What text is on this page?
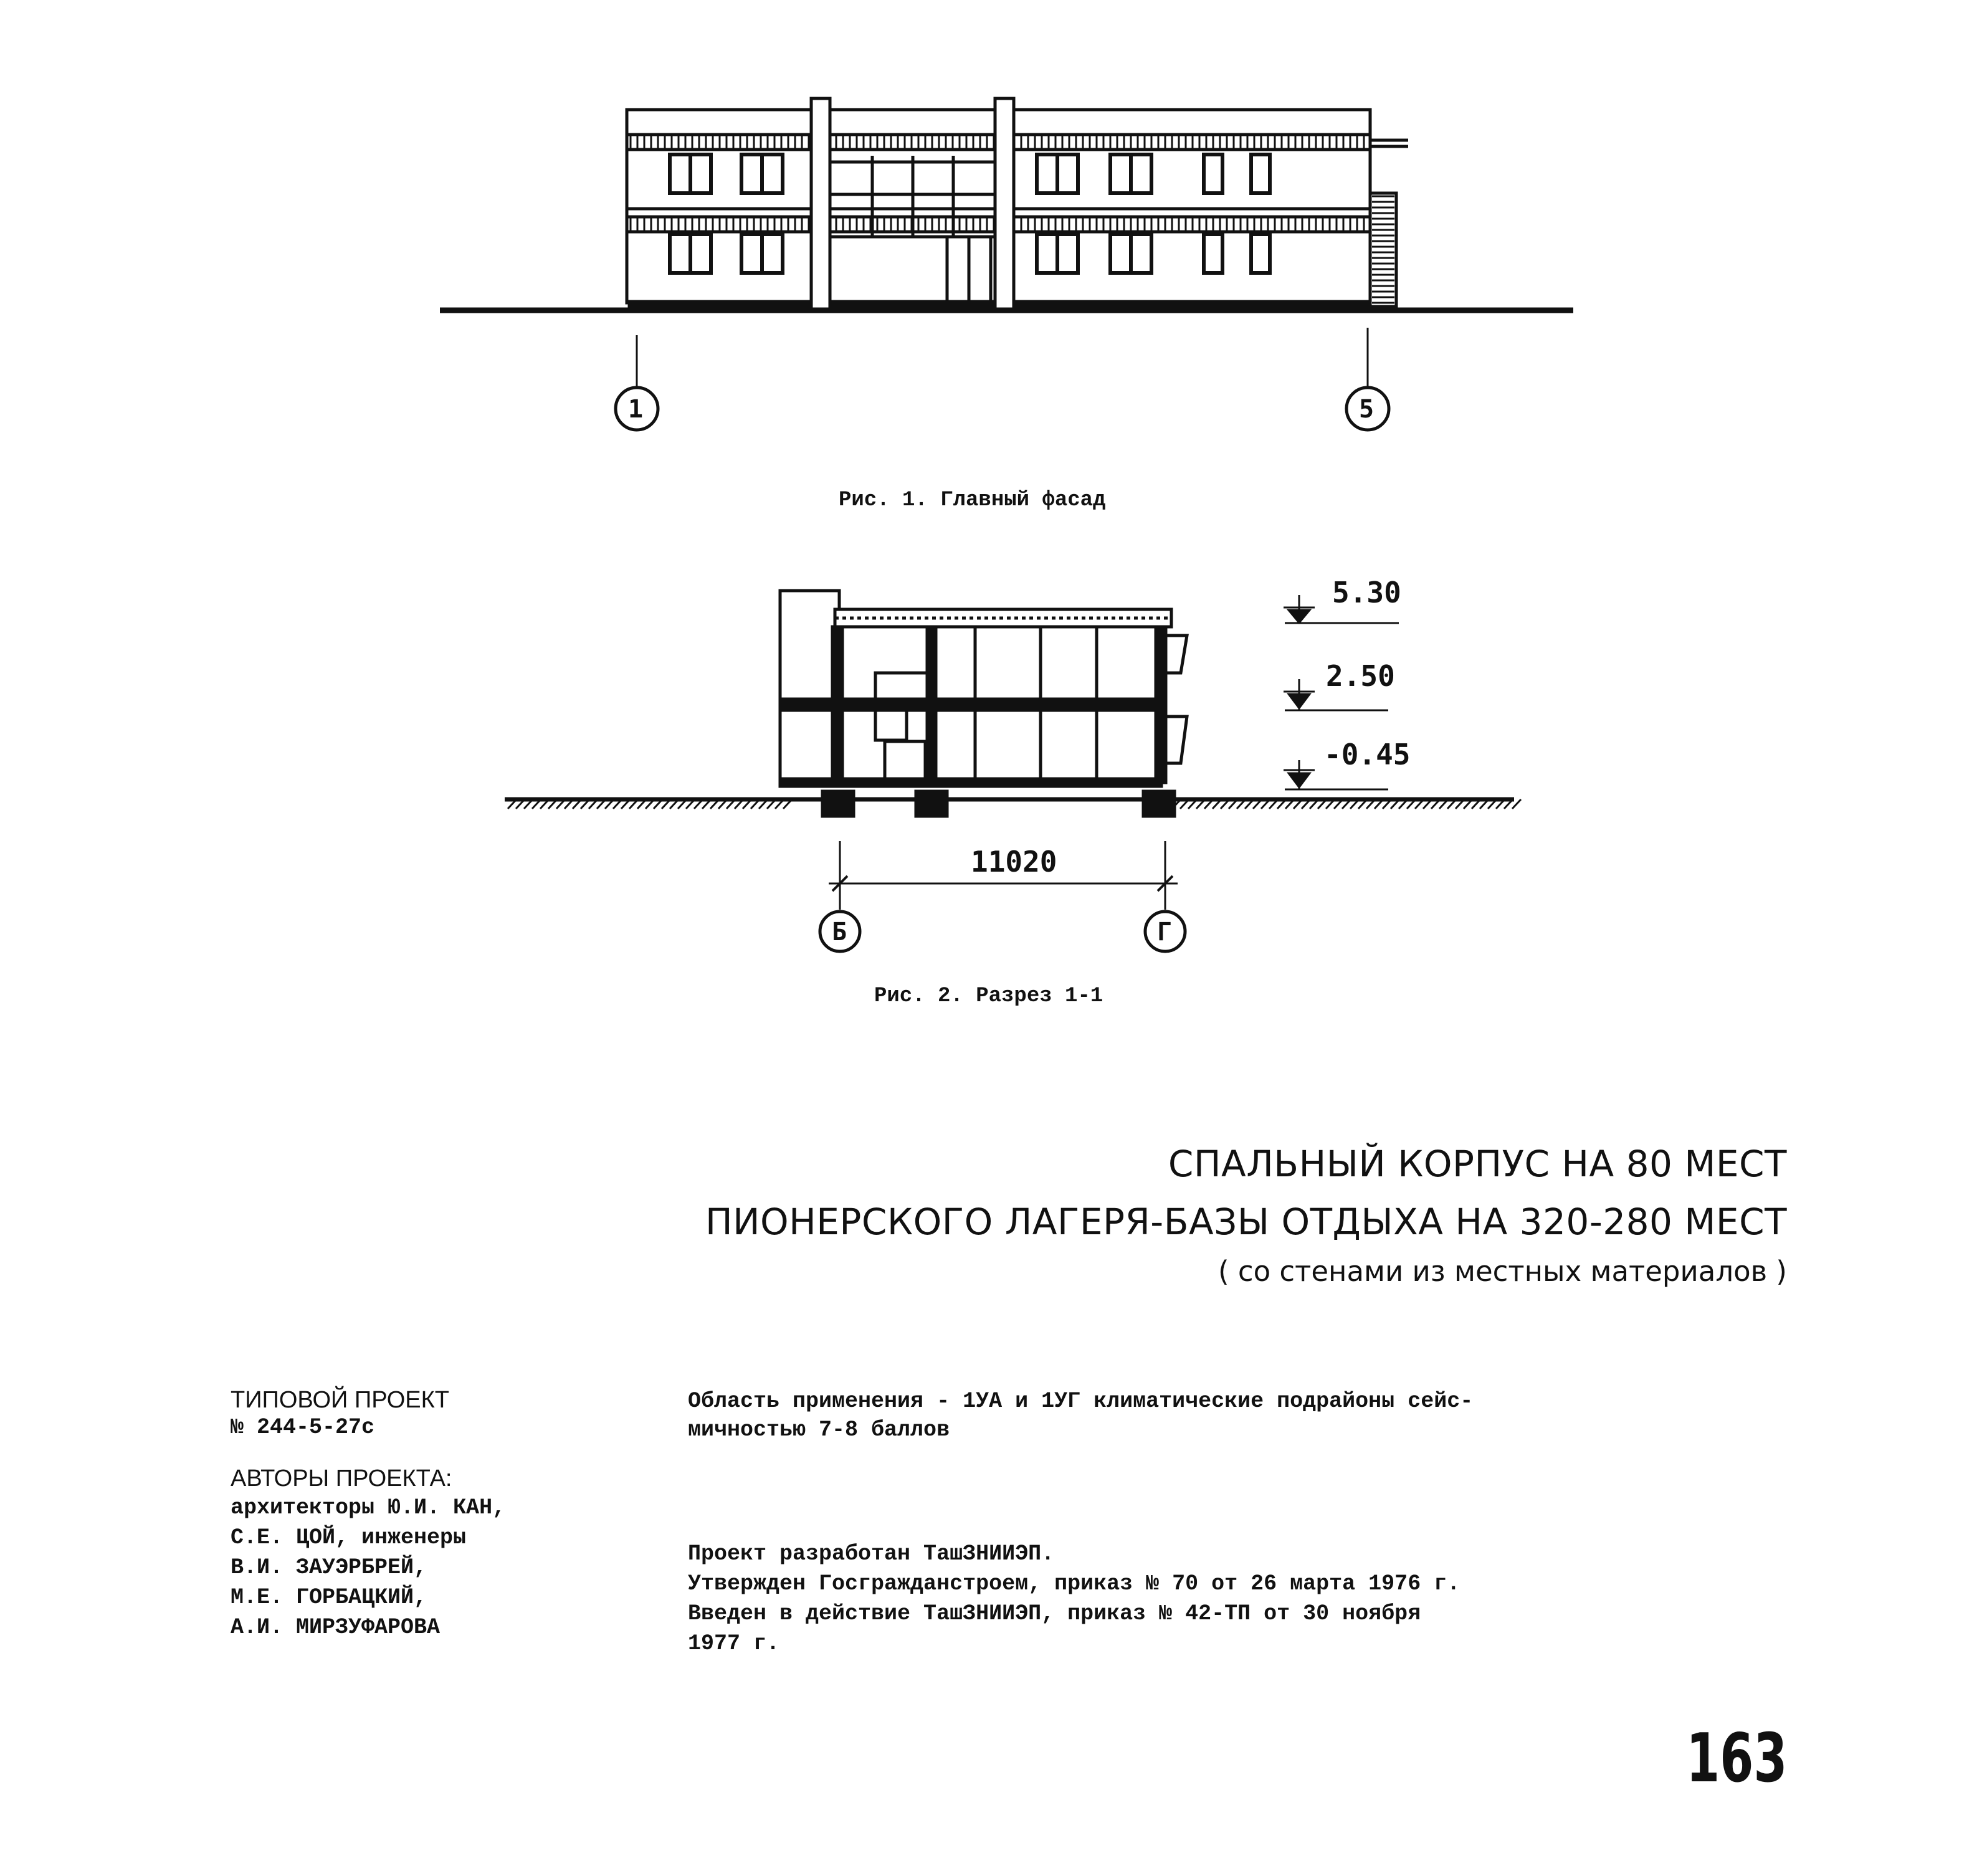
1	5
Рис. 1. Главный фасад
5.30
2.50
-0.45
11020
Б	Г
Рис. 2. Разрез 1-1
СПАЛЬНЫЙ КОРПУС НА 80 МЕСТ
ПИОНЕРСКОГО ЛАГЕРЯ-БАЗЫ ОТДЫХА НА 320-280 МЕСТ
( со стенами из местных материалов )
ТИПОВОЙ ПРОЕКТ
№ 244-5-27с
АВТОРЫ ПРОЕКТА:
архитекторы Ю.И. КАН,
С.Е. ЦОЙ, инженеры
В.И. ЗАУЭРБРЕЙ,
М.Е. ГОРБАЦКИЙ,
А.И. МИРЗУФАРОВА
Область применения - 1УА и 1УГ климатические подрайоны сейс-
мичностью 7-8 баллов
Проект разработан ТашЗНИИЭП.
Утвержден Госгражданстроем, приказ № 70 от 26 марта 1976 г.
Введен в действие ТашЗНИИЭП, приказ № 42-ТП от 30 ноября
1977 г.
163
